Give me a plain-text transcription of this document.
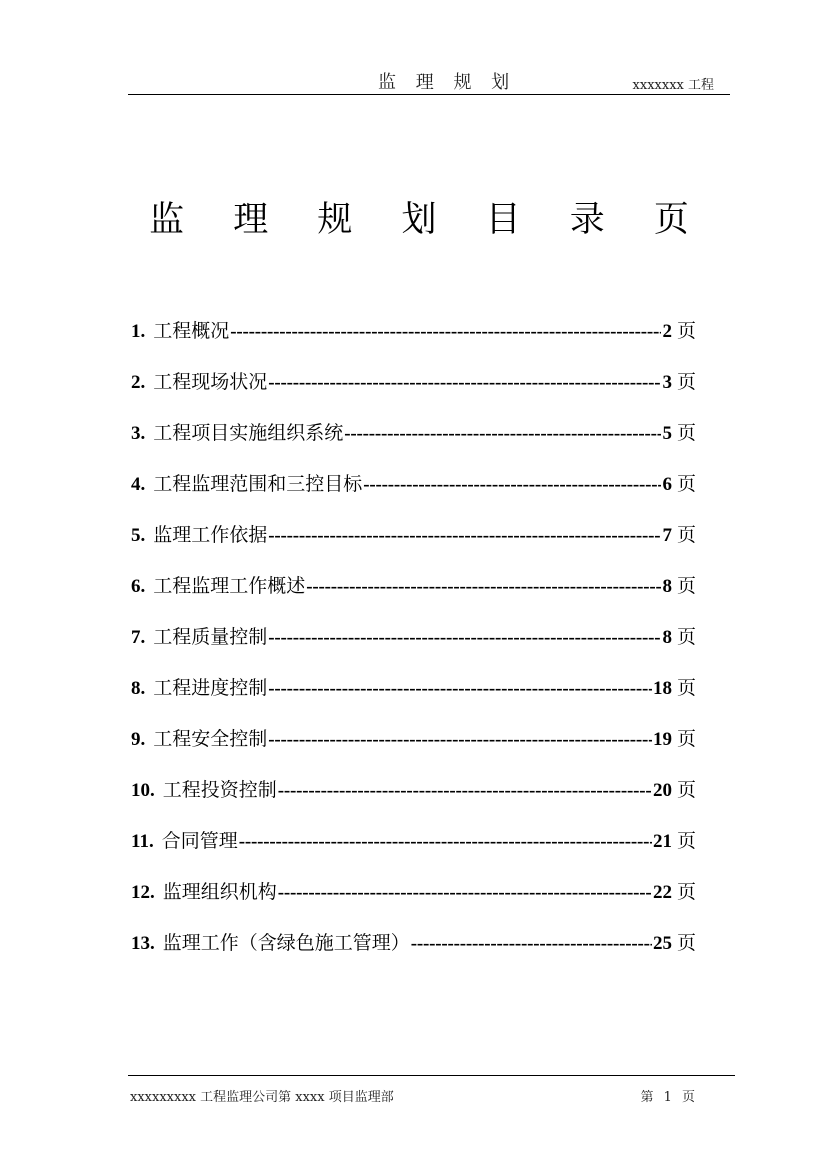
监 理 规 划	xxxxxxx 工程
监 理 规 划 目 录 页
1. 工程概况 -----	2 页
2. 工程现场状况 -----	3 页
3. 工程项目实施组织系统 -----	5 页
4. 工程监理范围和三控目标 -----	6 页
5. 监理工作依据 -----	7 页
6. 工程监理工作概述 -----	8 页
7. 工程质量控制 -----	8 页
8. 工程进度控制 -----	18 页
9. 工程安全控制 -----	19 页
10. 工程投资控制 -----	20 页
11. 合同管理 -----	21 页
12. 监理组织机构 -----	22 页
13. 监理工作（含绿色施工管理） -----	25 页
xxxxxxxxx 工程监理公司第 xxxx 项目监理部	第 1 页
